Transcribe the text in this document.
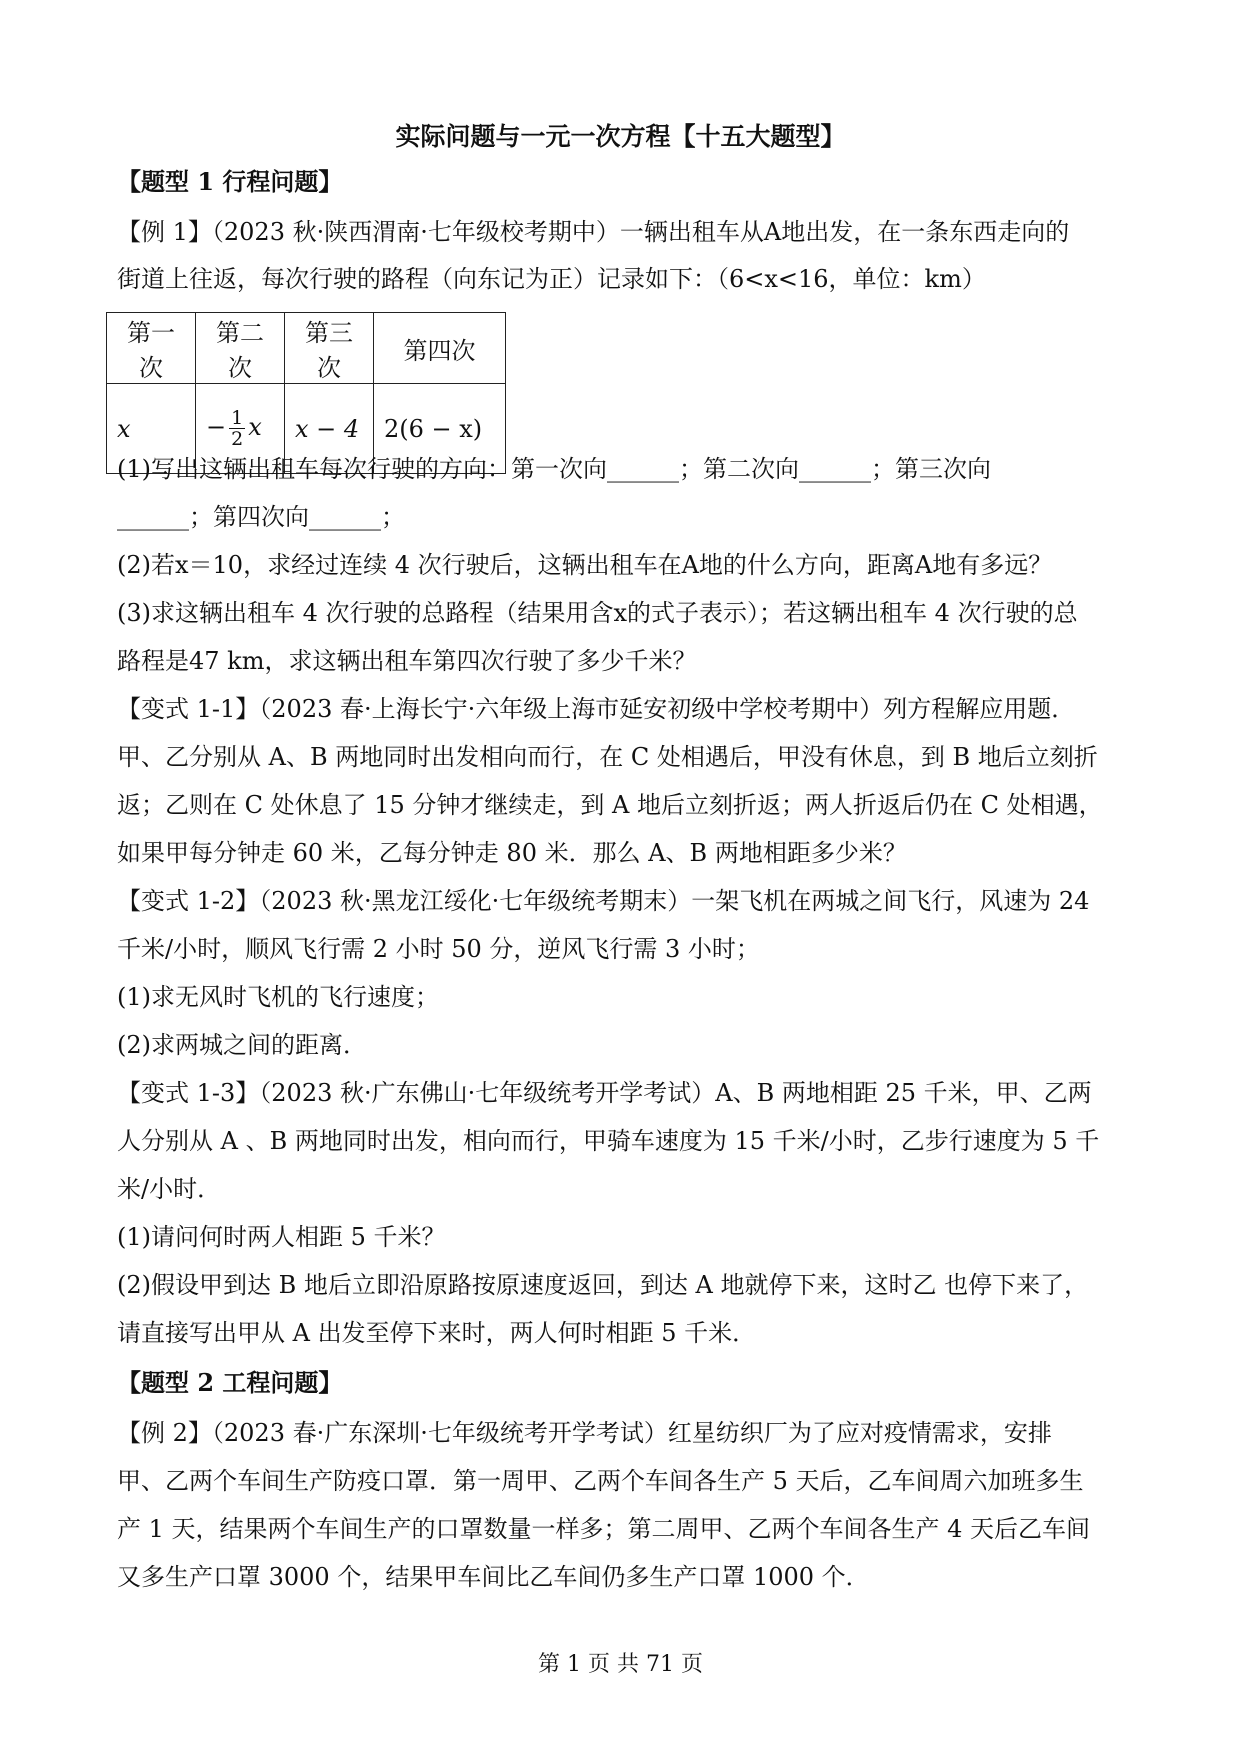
实际问题与一元一次方程【十五大题型】
【题型 1 行程问题】
【例 1】（2023 秋·陕西渭南·七年级校考期中）一辆出租车从A地出发，在一条东西走向的
街道上往返，每次行驶的路程（向东记为正）记录如下：（6<x<16，单位：km）
第一次	第二次	第三次	第四次
x	− $\frac{1}{2}$ x	x − 4	2(6 − x)
(1)写出这辆出租车每次行驶的方向：第一次向______；第二次向______；第三次向
______；第四次向______；
(2)若x＝10，求经过连续 4 次行驶后，这辆出租车在A地的什么方向，距离A地有多远？
(3)求这辆出租车 4 次行驶的总路程（结果用含x的式子表示）；若这辆出租车 4 次行驶的总
路程是47 km，求这辆出租车第四次行驶了多少千米？
【变式 1-1】（2023 春·上海长宁·六年级上海市延安初级中学校考期中）列方程解应用题．
甲、乙分别从 A、B 两地同时出发相向而行，在 C 处相遇后，甲没有休息，到 B 地后立刻折
返；乙则在 C 处休息了 15 分钟才继续走，到 A 地后立刻折返；两人折返后仍在 C 处相遇，
如果甲每分钟走 60 米，乙每分钟走 80 米．那么 A、B 两地相距多少米？
【变式 1-2】（2023 秋·黑龙江绥化·七年级统考期末）一架飞机在两城之间飞行，风速为 24
千米/小时，顺风飞行需 2 小时 50 分，逆风飞行需 3 小时；
(1)求无风时飞机的飞行速度；
(2)求两城之间的距离．
【变式 1-3】（2023 秋·广东佛山·七年级统考开学考试）A、B 两地相距 25 千米，甲、乙两
人分别从 A 、B 两地同时出发，相向而行，甲骑车速度为 15 千米/小时，乙步行速度为 5 千
米/小时．
(1)请问何时两人相距 5 千米？
(2)假设甲到达 B 地后立即沿原路按原速度返回，到达 A 地就停下来，这时乙 也停下来了，
请直接写出甲从 A 出发至停下来时，两人何时相距 5 千米．
【题型 2 工程问题】
【例 2】（2023 春·广东深圳·七年级统考开学考试）红星纺织厂为了应对疫情需求，安排
甲、乙两个车间生产防疫口罩．第一周甲、乙两个车间各生产 5 天后，乙车间周六加班多生
产 1 天，结果两个车间生产的口罩数量一样多；第二周甲、乙两个车间各生产 4 天后乙车间
又多生产口罩 3000 个，结果甲车间比乙车间仍多生产口罩 1000 个．
第 1 页 共 71 页
